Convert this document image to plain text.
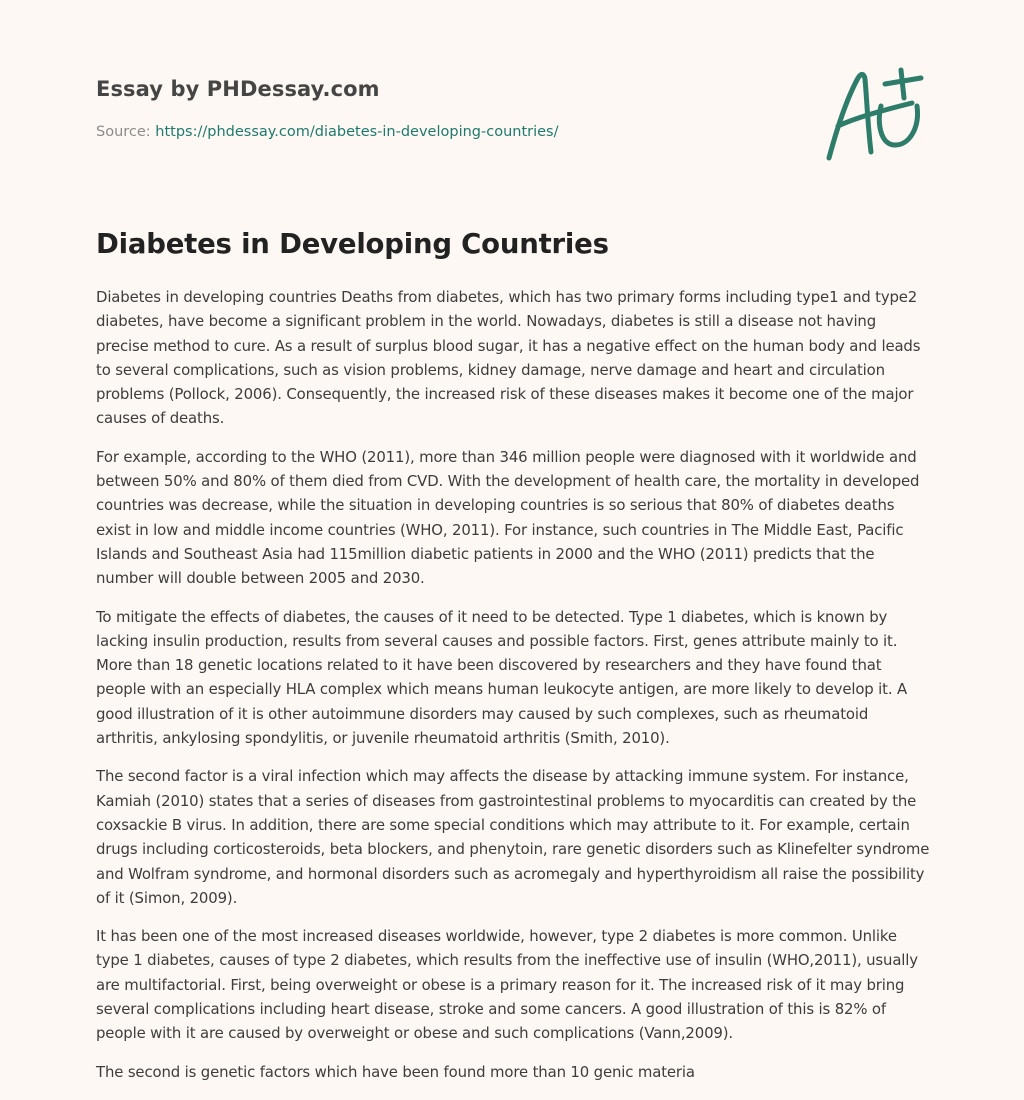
Essay by PHDessay.com
Source: https://phdessay.com/diabetes-in-developing-countries/
Diabetes in Developing Countries

Diabetes in developing countries Deaths from diabetes, which has two primary forms including type1 and type2 diabetes, have become a significant problem in the world. Nowadays, diabetes is still a disease not having precise method to cure. As a result of surplus blood sugar, it has a negative effect on the human body and leads to several complications, such as vision problems, kidney damage, nerve damage and heart and circulation problems (Pollock, 2006). Consequently, the increased risk of these diseases makes it become one of the major causes of deaths.

For example, according to the WHO (2011), more than 346 million people were diagnosed with it worldwide and between 50% and 80% of them died from CVD. With the development of health care, the mortality in developed countries was decrease, while the situation in developing countries is so serious that 80% of diabetes deaths exist in low and middle income countries (WHO, 2011). For instance, such countries in The Middle East, Pacific Islands and Southeast Asia had 115million diabetic patients in 2000 and the WHO (2011) predicts that the number will double between 2005 and 2030.

To mitigate the effects of diabetes, the causes of it need to be detected. Type 1 diabetes, which is known by lacking insulin production, results from several causes and possible factors. First, genes attribute mainly to it. More than 18 genetic locations related to it have been discovered by researchers and they have found that people with an especially HLA complex which means human leukocyte antigen, are more likely to develop it. A good illustration of it is other autoimmune disorders may caused by such complexes, such as rheumatoid arthritis, ankylosing spondylitis, or juvenile rheumatoid arthritis (Smith, 2010).

The second factor is a viral infection which may affects the disease by attacking immune system. For instance, Kamiah (2010) states that a series of diseases from gastrointestinal problems to myocarditis can created by the coxsackie B virus. In addition, there are some special conditions which may attribute to it. For example, certain drugs including corticosteroids, beta blockers, and phenytoin, rare genetic disorders such as Klinefelter syndrome and Wolfram syndrome, and hormonal disorders such as acromegaly and hyperthyroidism all raise the possibility of it (Simon, 2009).

It has been one of the most increased diseases worldwide, however, type 2 diabetes is more common. Unlike type 1 diabetes, causes of type 2 diabetes, which results from the ineffective use of insulin (WHO,2011), usually are multifactorial. First, being overweight or obese is a primary reason for it. The increased risk of it may bring several complications including heart disease, stroke and some cancers. A good illustration of this is 82% of people with it are caused by overweight or obese and such complications (Vann,2009).

The second is genetic factors which have been found more than 10 genic materia
